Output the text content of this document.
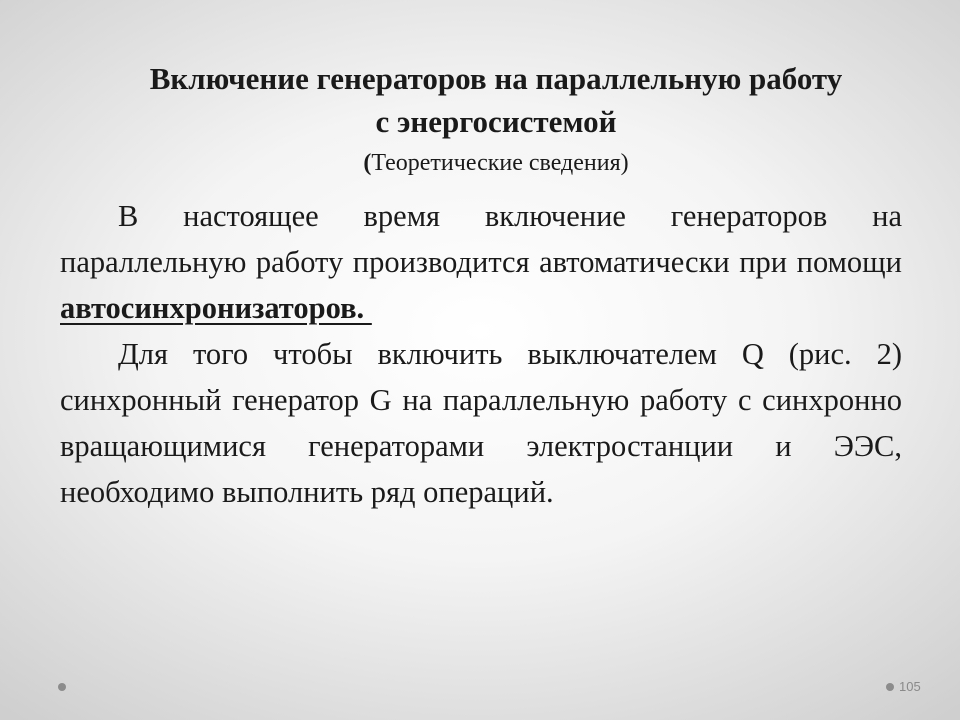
Включение генераторов на параллельную работу
с энергосистемой
(Теоретические сведения)

В настоящее время включение генераторов на параллельную работу производится автоматически при помощи автосинхронизаторов.

Для того чтобы включить выключателем Q (рис. 2) синхронный генератор G на параллельную работу с синхронно вращающимися генераторами электростанции и ЭЭС, необходимо выполнить ряд операций.

105
